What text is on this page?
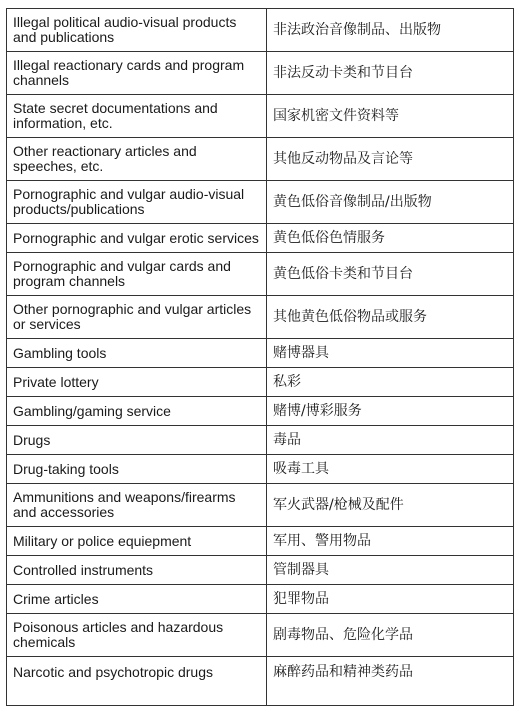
Illegal political audio-visual products and publications	非法政治音像制品、出版物
Illegal reactionary cards and program channels	非法反动卡类和节目台
State secret documentations and information, etc.	国家机密文件资料等
Other reactionary articles and speeches, etc.	其他反动物品及言论等
Pornographic and vulgar audio-visual products/publications	黄色低俗音像制品/出版物
Pornographic and vulgar erotic services	黄色低俗色情服务
Pornographic and vulgar cards and program channels	黄色低俗卡类和节目台
Other pornographic and vulgar articles or services	其他黄色低俗物品或服务
Gambling tools	赌博器具
Private lottery	私彩
Gambling/gaming service	赌博/博彩服务
Drugs	毒品
Drug-taking tools	吸毒工具
Ammunitions and weapons/firearms and accessories	军火武器/枪械及配件
Military or police equiepment	军用、警用物品
Controlled instruments	管制器具
Crime articles	犯罪物品
Poisonous articles and hazardous chemicals	剧毒物品、危险化学品
Narcotic and psychotropic drugs	麻醉药品和精神类药品
